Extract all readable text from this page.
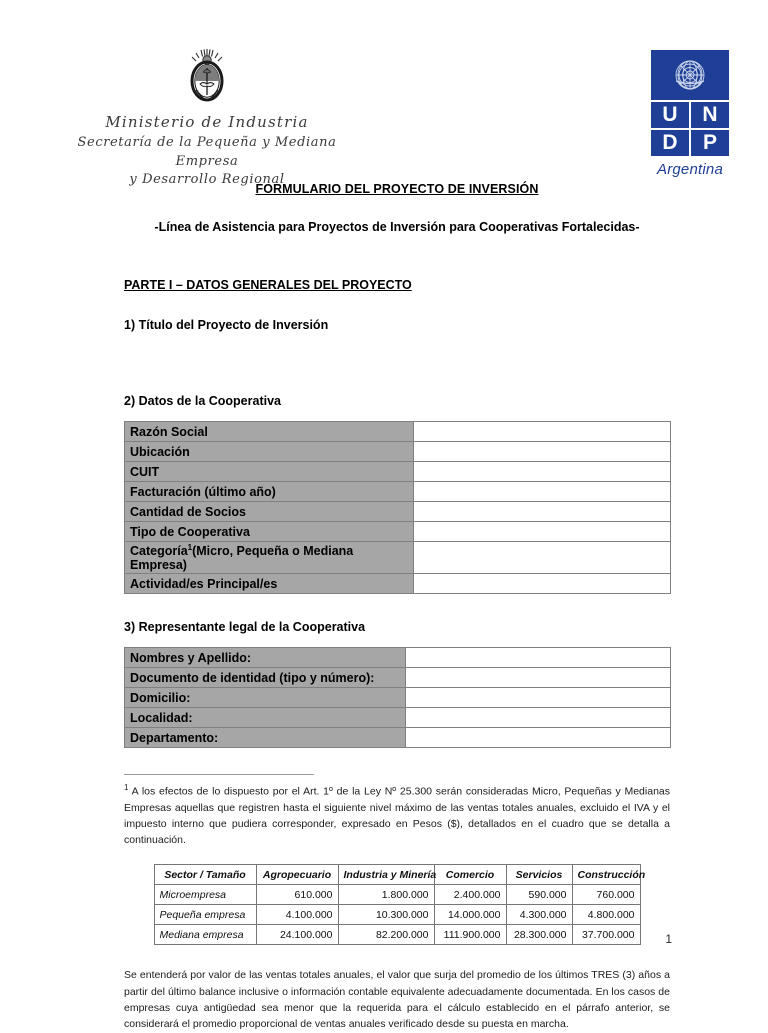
Ministerio de Industria
Secretaría de la Pequeña y Mediana Empresa
y Desarrollo Regional
U	N
D	P
Argentina
FORMULARIO DEL PROYECTO DE INVERSIÓN
-Línea de Asistencia para Proyectos de Inversión para Cooperativas Fortalecidas-
PARTE I – DATOS GENERALES DEL PROYECTO
1) Título del Proyecto de Inversión
2) Datos de la Cooperativa
Razón Social	
Ubicación	
CUIT	
Facturación (último año)	
Cantidad de Socios	
Tipo de Cooperativa	
Categoría$^1$(Micro, Pequeña o Mediana Empresa)	
Actividad/es Principal/es	
3) Representante legal de la Cooperativa
Nombres y Apellido:	
Documento de identidad (tipo y número):	
Domicilio:	
Localidad:	
Departamento:	
$^1$ A los efectos de lo dispuesto por el Art. 1º de la Ley Nº 25.300 serán consideradas Micro, Pequeñas y Medianas Empresas aquellas que registren hasta el siguiente nivel máximo de las ventas totales anuales, excluido el IVA y el impuesto interno que pudiera corresponder, expresado en Pesos ($), detallados en el cuadro que se detalla a continuación.
Sector / Tamaño	Agropecuario	Industria y Minería	Comercio	Servicios	Construcción
Microempresa	610.000	1.800.000	2.400.000	590.000	760.000
Pequeña empresa	4.100.000	10.300.000	14.000.000	4.300.000	4.800.000
Mediana empresa	24.100.000	82.200.000	111.900.000	28.300.000	37.700.000
Se entenderá por valor de las ventas totales anuales, el valor que surja del promedio de los últimos TRES (3) años a partir del último balance inclusive o información contable equivalente adecuadamente documentada. En los casos de empresas cuya antigüedad sea menor que la requerida para el cálculo establecido en el párrafo anterior, se considerará el promedio proporcional de ventas anuales verificado desde su puesta en marcha.
1
